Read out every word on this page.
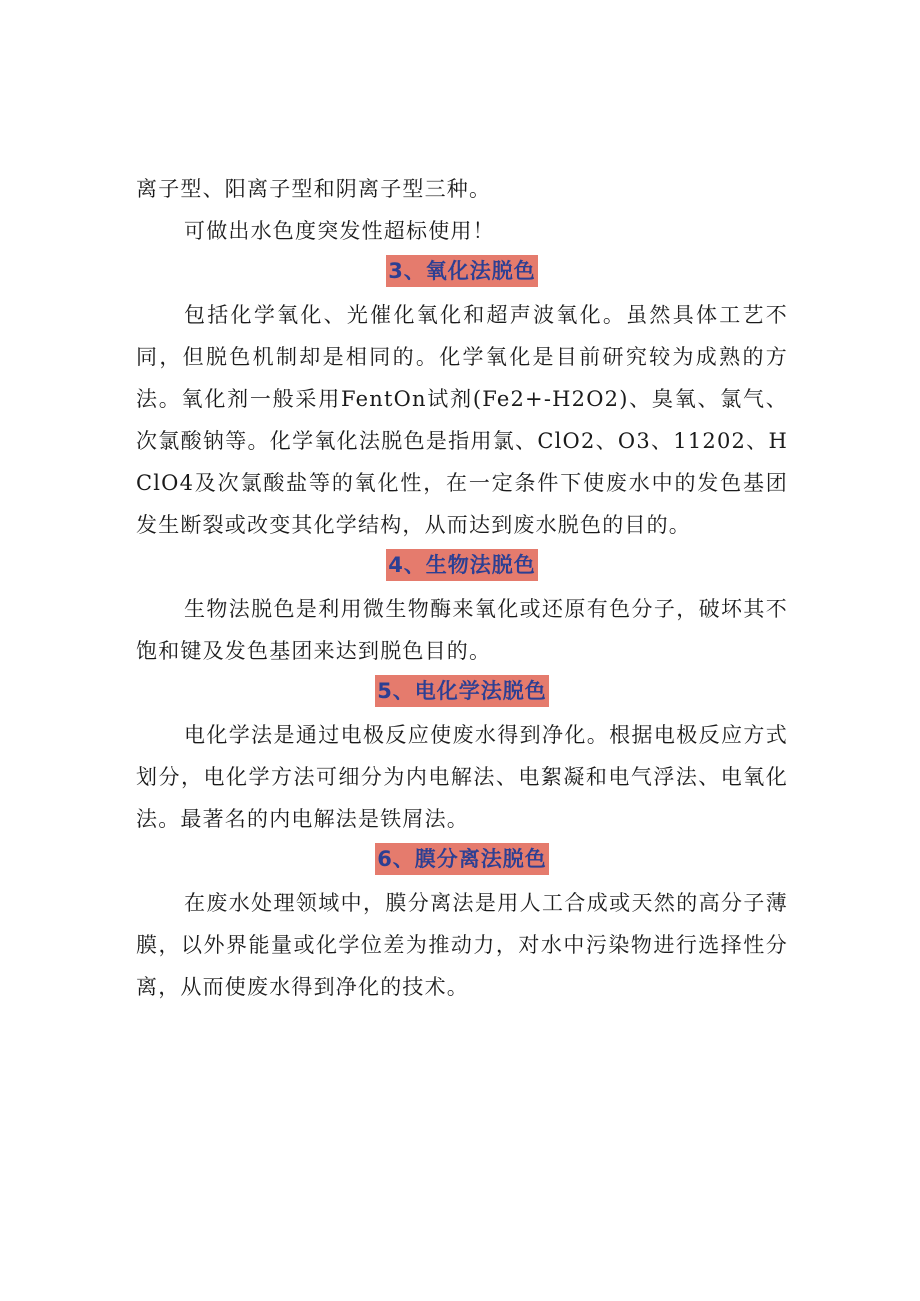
离子型、阳离子型和阴离子型三种。

可做出水色度突发性超标使用！

3、氧化法脱色

包括化学氧化、光催化氧化和超声波氧化。虽然具体工艺不同，但脱色机制却是相同的。化学氧化是目前研究较为成熟的方法。氧化剂一般采用FentOn试剂(Fe2+-H2O2)、臭氧、氯气、次氯酸钠等。化学氧化法脱色是指用氯、ClO2、O3、11202、HClO4及次氯酸盐等的氧化性，在一定条件下使废水中的发色基团发生断裂或改变其化学结构，从而达到废水脱色的目的。

4、生物法脱色

生物法脱色是利用微生物酶来氧化或还原有色分子，破坏其不饱和键及发色基团来达到脱色目的。

5、电化学法脱色

电化学法是通过电极反应使废水得到净化。根据电极反应方式划分，电化学方法可细分为内电解法、电絮凝和电气浮法、电氧化法。最著名的内电解法是铁屑法。

6、膜分离法脱色

在废水处理领域中，膜分离法是用人工合成或天然的高分子薄膜，以外界能量或化学位差为推动力，对水中污染物进行选择性分离，从而使废水得到净化的技术。
